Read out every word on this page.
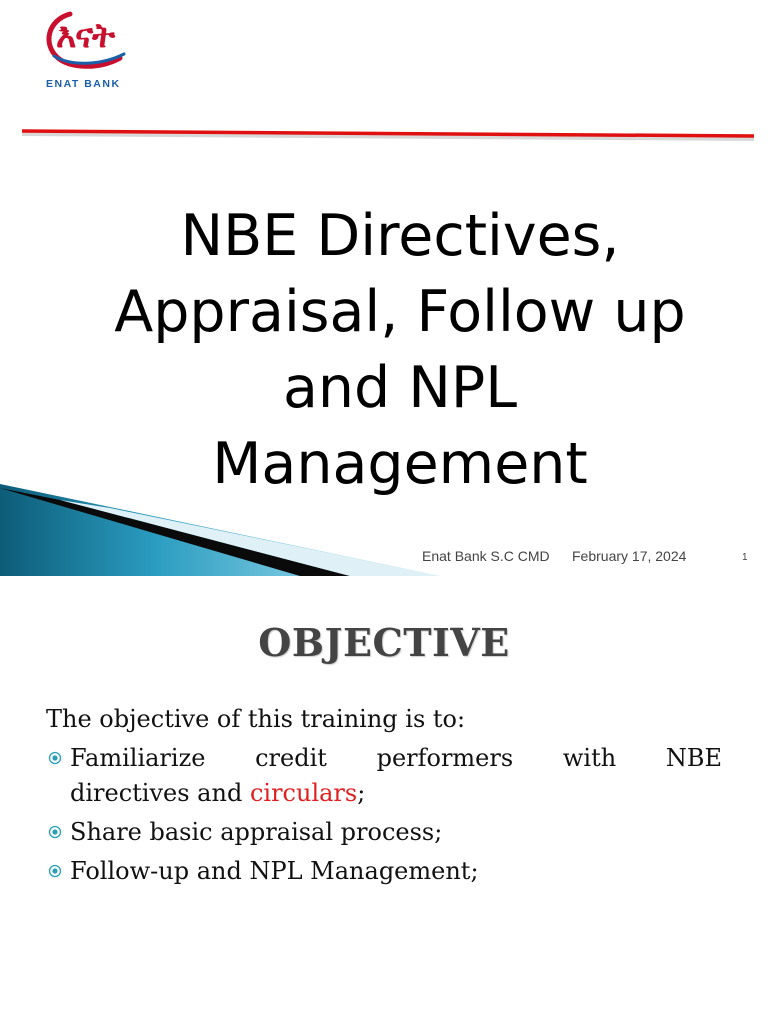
እናት
ENAT BANK
NBE Directives,
Appraisal, Follow up
and NPL
Management
Enat Bank S.C CMD February 17, 2024	1
OBJECTIVE

The objective of this training is to:

Familiarize credit performers with NBE
directives and circulars;
Share basic appraisal process;
Follow-up and NPL Management;
